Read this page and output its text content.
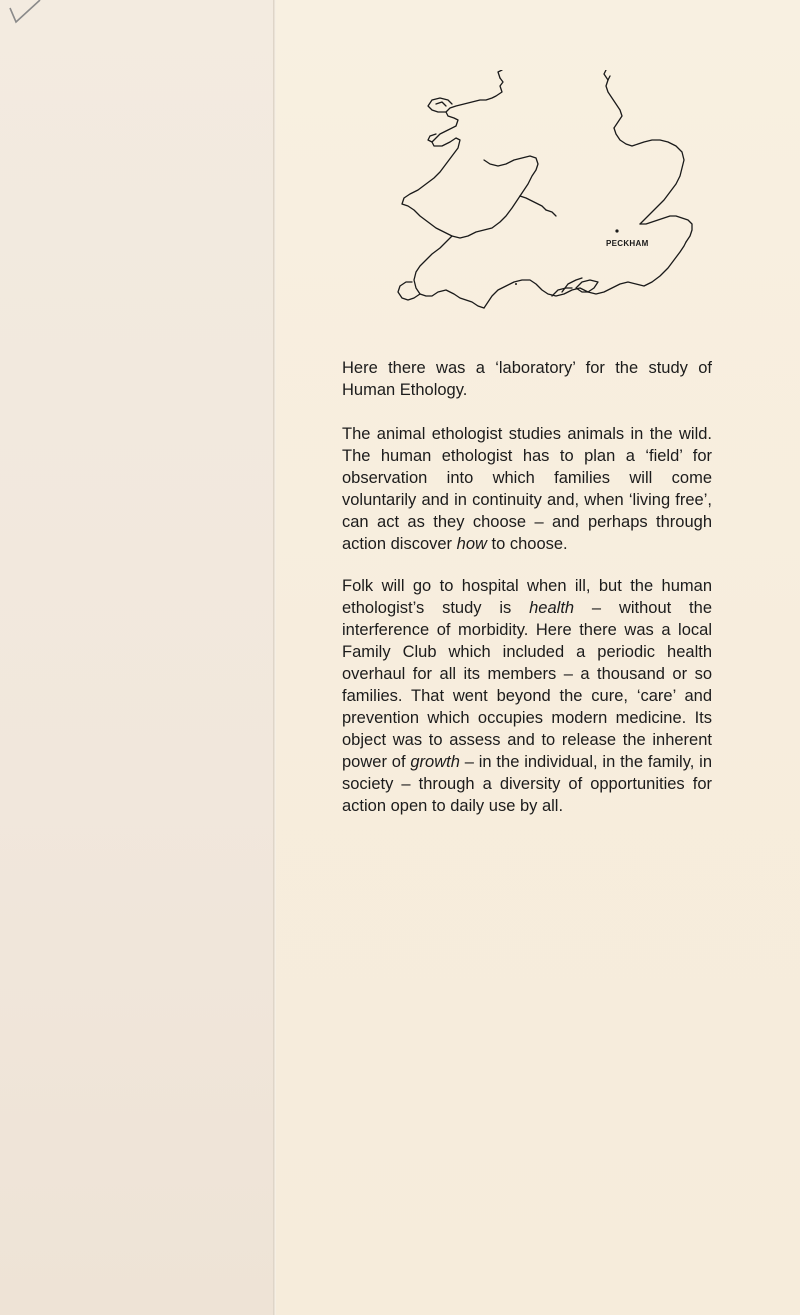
PECKHAM

Here there was a ‘laboratory’ for the study of Human Ethology.

The animal ethologist studies animals in the wild. The human ethologist has to plan a ‘field’ for observation into which families will come voluntarily and in continuity and, when ‘living free’, can act as they choose – and perhaps through action discover how to choose.

Folk will go to hospital when ill, but the human ethologist’s study is health – without the interference of morbidity. Here there was a local Family Club which included a periodic health overhaul for all its members – a thousand or so families. That went beyond the cure, ‘care’ and prevention which occupies modern medicine. Its object was to assess and to release the inherent power of growth – in the individual, in the family, in society – through a diversity of opportunities for action open to daily use by all.
